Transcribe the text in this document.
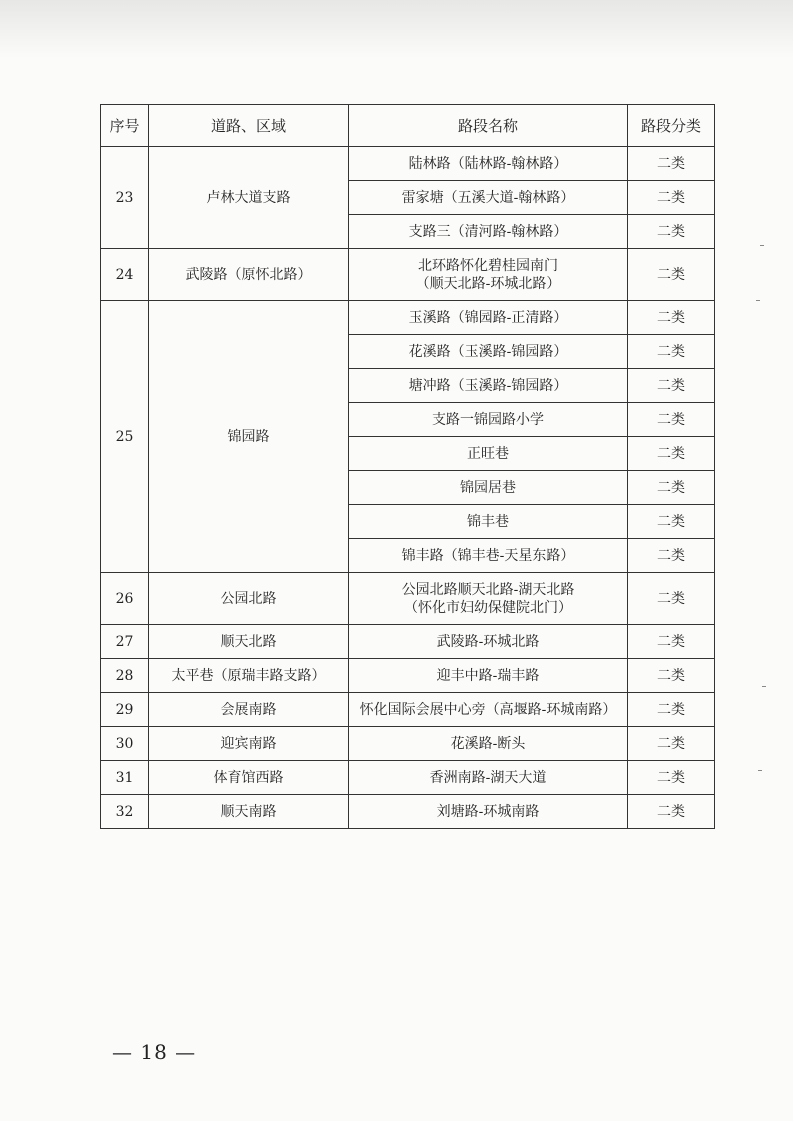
序号	道路、区域	路段名称	路段分类
23	卢林大道支路	陆林路（陆林路-翰林路）	二类
		雷家塘（五溪大道-翰林路）	二类
		支路三（清河路-翰林路）	二类
24	武陵路（原怀北路）	北环路怀化碧桂园南门
（顺天北路-环城北路）	二类
25	锦园路	玉溪路（锦园路-正清路）	二类
		花溪路（玉溪路-锦园路）	二类
		塘冲路（玉溪路-锦园路）	二类
		支路一锦园路小学	二类
		正旺巷	二类
		锦园居巷	二类
		锦丰巷	二类
		锦丰路（锦丰巷-天星东路）	二类
26	公园北路	公园北路顺天北路-湖天北路
（怀化市妇幼保健院北门）	二类
27	顺天北路	武陵路-环城北路	二类
28	太平巷（原瑞丰路支路）	迎丰中路-瑞丰路	二类
29	会展南路	怀化国际会展中心旁（高堰路-环城南路）	二类
30	迎宾南路	花溪路-断头	二类
31	体育馆西路	香洲南路-湖天大道	二类
32	顺天南路	刘塘路-环城南路	二类
— 18 —
